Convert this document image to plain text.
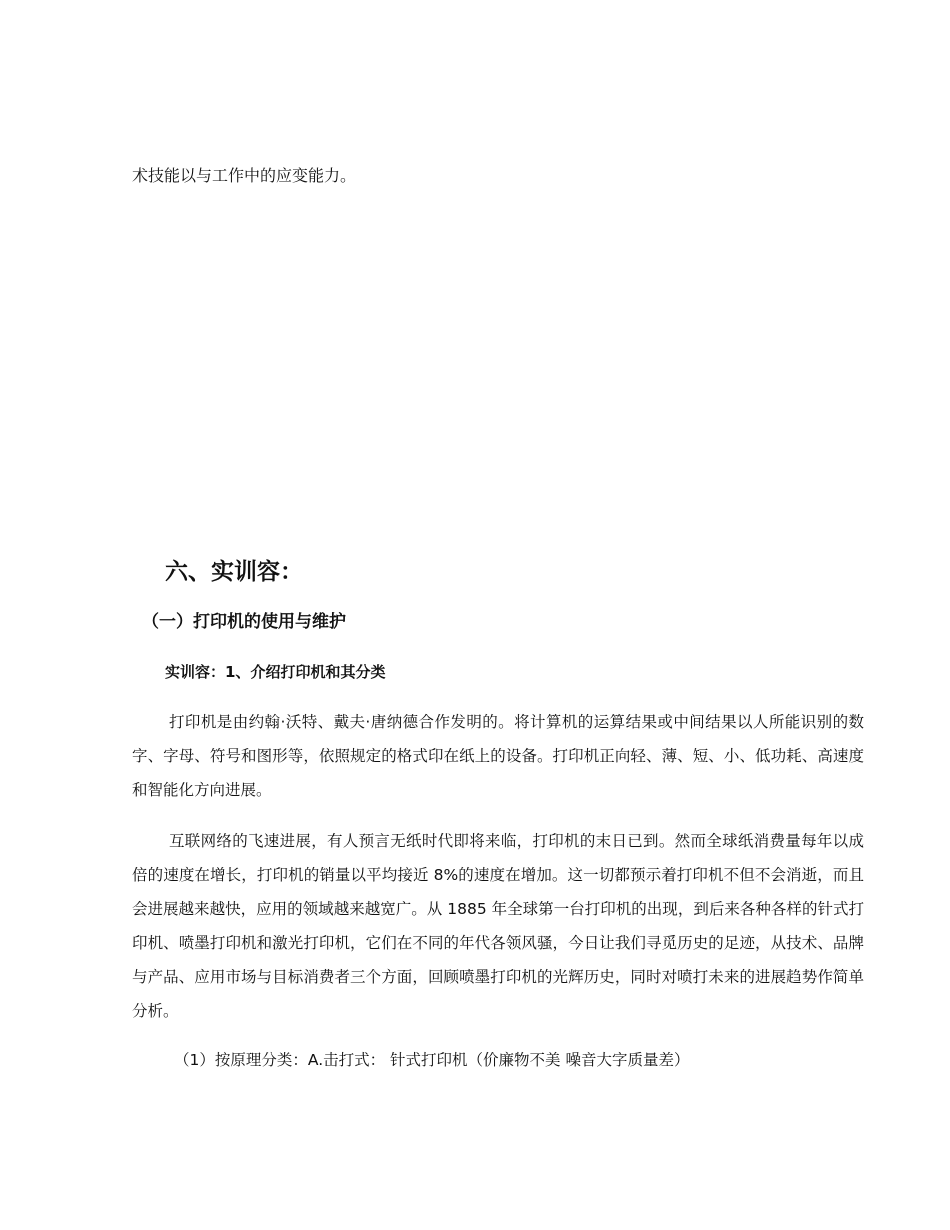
术技能以与工作中的应变能力。

六、实训容：
（一）打印机的使用与维护
实训容：1、介绍打印机和其分类

打印机是由约翰·沃特、戴夫·唐纳德合作发明的。将计算机的运算结果或中间结果以人所能识别的数字、字母、符号和图形等，依照规定的格式印在纸上的设备。打印机正向轻、薄、短、小、低功耗、高速度和智能化方向进展。

互联网络的飞速进展，有人预言无纸时代即将来临，打印机的末日已到。然而全球纸消费量每年以成倍的速度在增长，打印机的销量以平均接近 8%的速度在增加。这一切都预示着打印机不但不会消逝，而且会进展越来越快，应用的领域越来越宽广。从 1885 年全球第一台打印机的出现，到后来各种各样的针式打印机、喷墨打印机和激光打印机，它们在不同的年代各领风骚，今日让我们寻觅历史的足迹，从技术、品牌与产品、应用市场与目标消费者三个方面，回顾喷墨打印机的光辉历史，同时对喷打未来的进展趋势作简单分析。

（1）按原理分类：A.击打式： 针式打印机（价廉物不美 噪音大字质量差）
